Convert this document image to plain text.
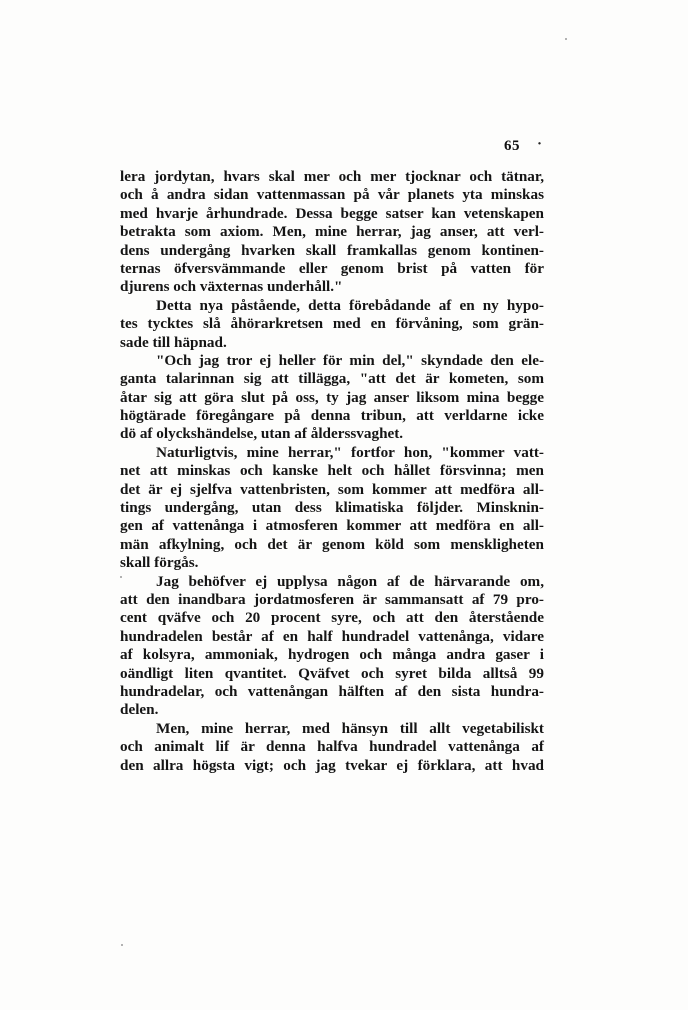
65 ·
lera jordytan, hvars skal mer och mer tjocknar och tätnar,
och å andra sidan vattenmassan på vår planets yta minskas
med hvarje århundrade. Dessa begge satser kan vetenskapen
betrakta som axiom. Men, mine herrar, jag anser, att verl-
dens undergång hvarken skall framkallas genom kontinen-
ternas öfversvämmande eller genom brist på vatten för
djurens och växternas underhåll."
Detta nya påstående, detta förebådande af en ny hypo-
tes tycktes slå åhörarkretsen med en förvåning, som grän-
sade till häpnad.
"Och jag tror ej heller för min del," skyndade den ele-
ganta talarinnan sig att tillägga, "att det är kometen, som
åtar sig att göra slut på oss, ty jag anser liksom mina begge
högtärade föregångare på denna tribun, att verldarne icke
dö af olyckshändelse, utan af ålderssvaghet.
Naturligtvis, mine herrar," fortfor hon, "kommer vatt-
net att minskas och kanske helt och hållet försvinna; men
det är ej sjelfva vattenbristen, som kommer att medföra all-
tings undergång, utan dess klimatiska följder. Minsknin-
gen af vattenånga i atmosferen kommer att medföra en all-
män afkylning, och det är genom köld som menskligheten
skall förgås.
Jag behöfver ej upplysa någon af de härvarande om,
att den inandbara jordatmosferen är sammansatt af 79 pro-
cent qväfve och 20 procent syre, och att den återstående
hundradelen består af en half hundradel vattenånga, vidare
af kolsyra, ammoniak, hydrogen och många andra gaser i
oändligt liten qvantitet. Qväfvet och syret bilda alltså 99
hundradelar, och vattenångan hälften af den sista hundra-
delen.
Men, mine herrar, med hänsyn till allt vegetabiliskt
och animalt lif är denna halfva hundradel vattenånga af
den allra högsta vigt; och jag tvekar ej förklara, att hvad
